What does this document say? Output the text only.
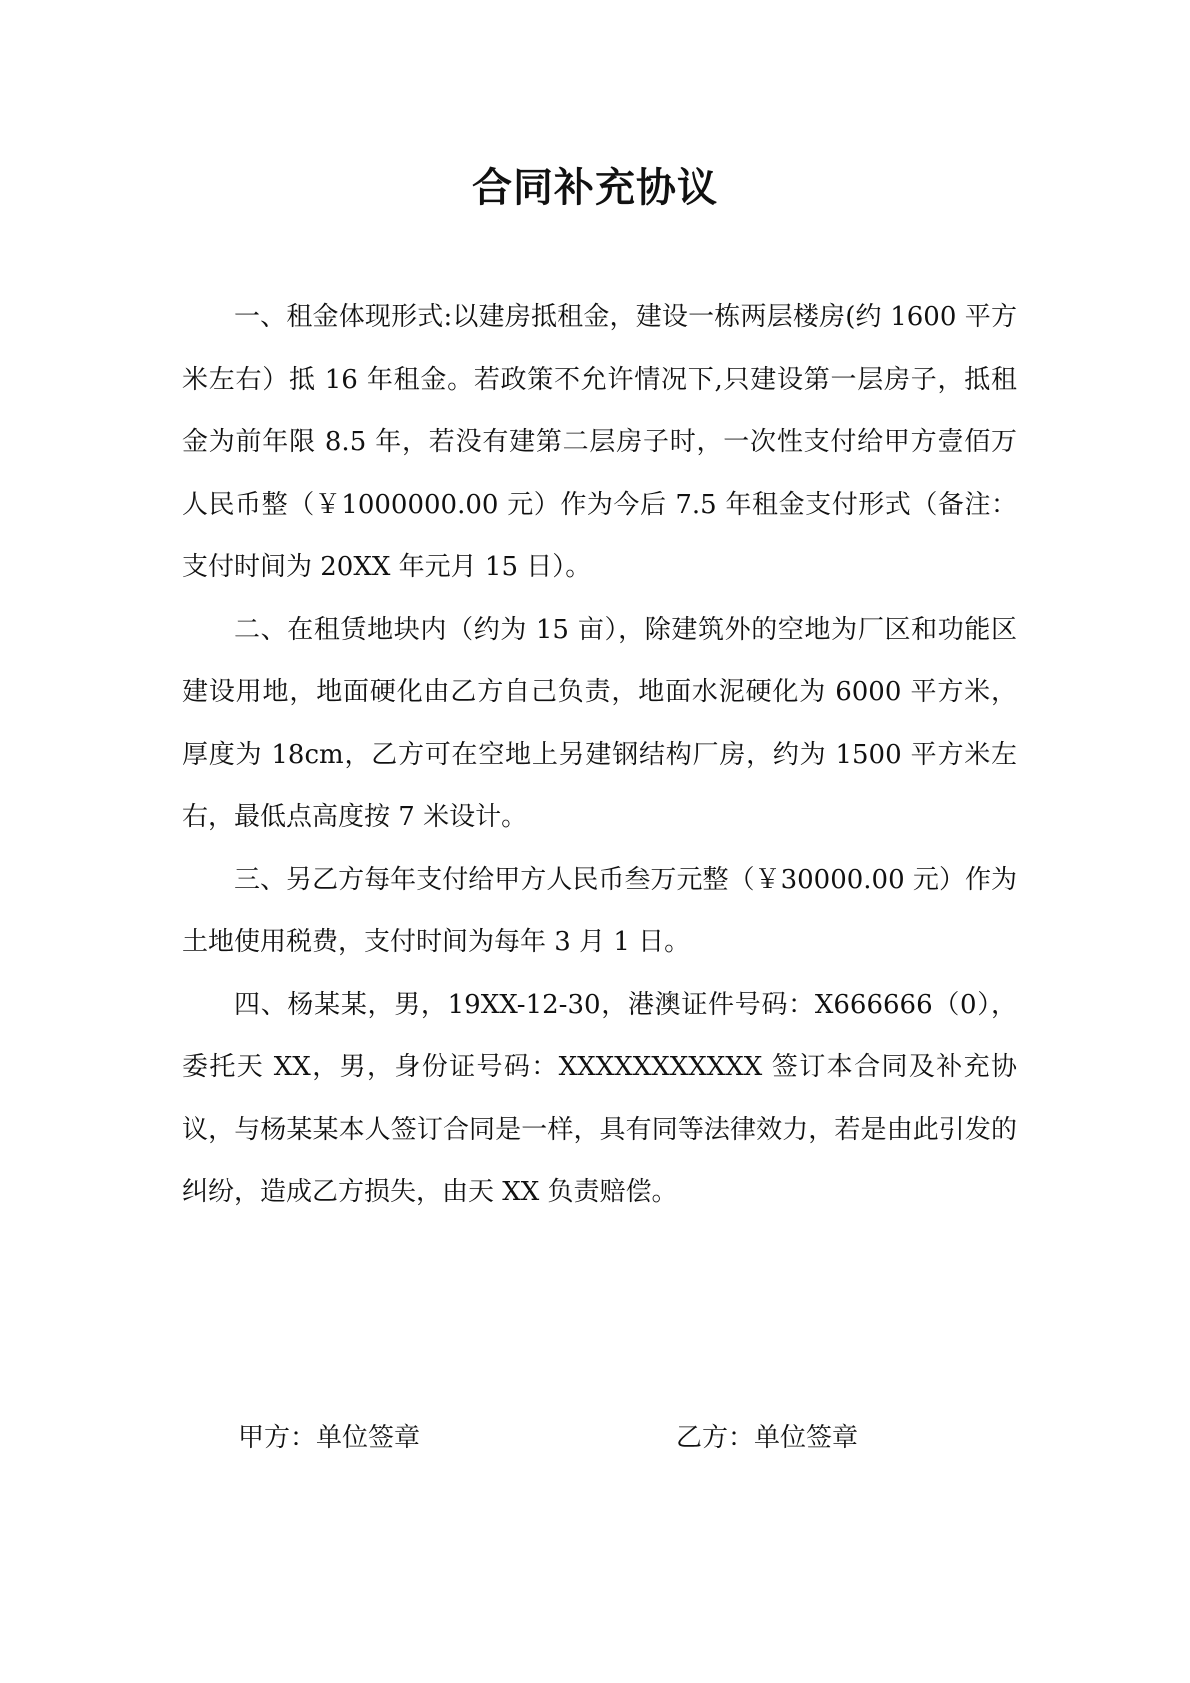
合同补充协议

一、租金体现形式:以建房抵租金，建设一栋两层楼房(约 1600 平方米左右）抵 16 年租金。若政策不允许情况下,只建设第一层房子，抵租金为前年限 8.5 年，若没有建第二层房子时，一次性支付给甲方壹佰万人民币整（￥1000000.00 元）作为今后 7.5 年租金支付形式（备注：支付时间为 20XX 年元月 15 日）。

二、在租赁地块内（约为 15 亩），除建筑外的空地为厂区和功能区建设用地，地面硬化由乙方自己负责，地面水泥硬化为 6000 平方米，厚度为 18cm，乙方可在空地上另建钢结构厂房，约为 1500 平方米左右，最低点高度按 7 米设计。

三、另乙方每年支付给甲方人民币叁万元整（￥30000.00 元）作为土地使用税费，支付时间为每年 3 月 1 日。

四、杨某某，男，19XX-12-30，港澳证件号码：X666666（0），委托天 XX，男，身份证号码：XXXXXXXXXXX 签订本合同及补充协议，与杨某某本人签订合同是一样，具有同等法律效力，若是由此引发的纠纷，造成乙方损失，由天 XX 负责赔偿。

甲方：单位签章	乙方：单位签章
